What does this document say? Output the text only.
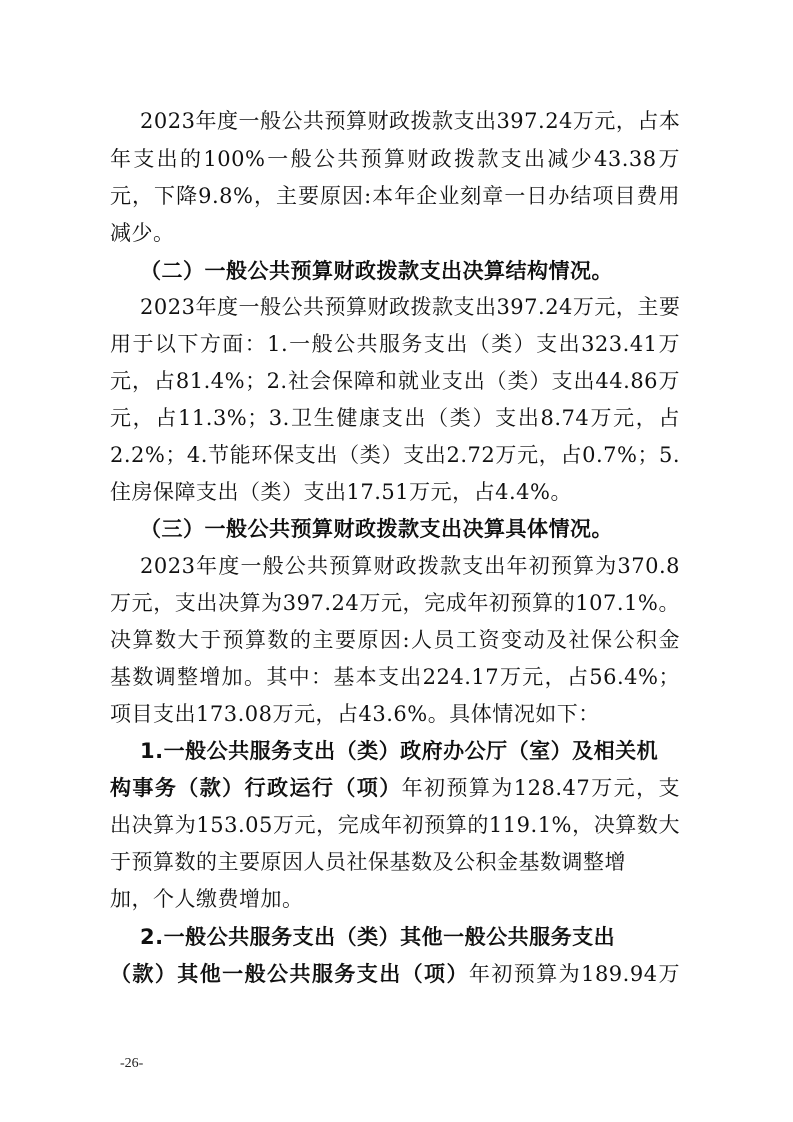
2023年度一般公共预算财政拨款支出397.24万元，占本
年支出的100%一般公共预算财政拨款支出减少43.38万
元，下降9.8%，主要原因:本年企业刻章一日办结项目费用
减少。
（二）一般公共预算财政拨款支出决算结构情况。
2023年度一般公共预算财政拨款支出397.24万元，主要
用于以下方面：1.一般公共服务支出（类）支出323.41万
元，占81.4%；2.社会保障和就业支出（类）支出44.86万
元，占11.3%；3.卫生健康支出（类）支出8.74万元，占
2.2%；4.节能环保支出（类）支出2.72万元，占0.7%；5.
住房保障支出（类）支出17.51万元，占4.4%。
（三）一般公共预算财政拨款支出决算具体情况。
2023年度一般公共预算财政拨款支出年初预算为370.8
万元，支出决算为397.24万元，完成年初预算的107.1%。
决算数大于预算数的主要原因:人员工资变动及社保公积金
基数调整增加。其中：基本支出224.17万元，占56.4%；
项目支出173.08万元，占43.6%。具体情况如下：
1.一般公共服务支出（类）政府办公厅（室）及相关机
构事务（款）行政运行（项）年初预算为128.47万元，支
出决算为153.05万元，完成年初预算的119.1%，决算数大
于预算数的主要原因人员社保基数及公积金基数调整增
加，个人缴费增加。
2.一般公共服务支出（类）其他一般公共服务支出
（款）其他一般公共服务支出（项）年初预算为189.94万
-26-
